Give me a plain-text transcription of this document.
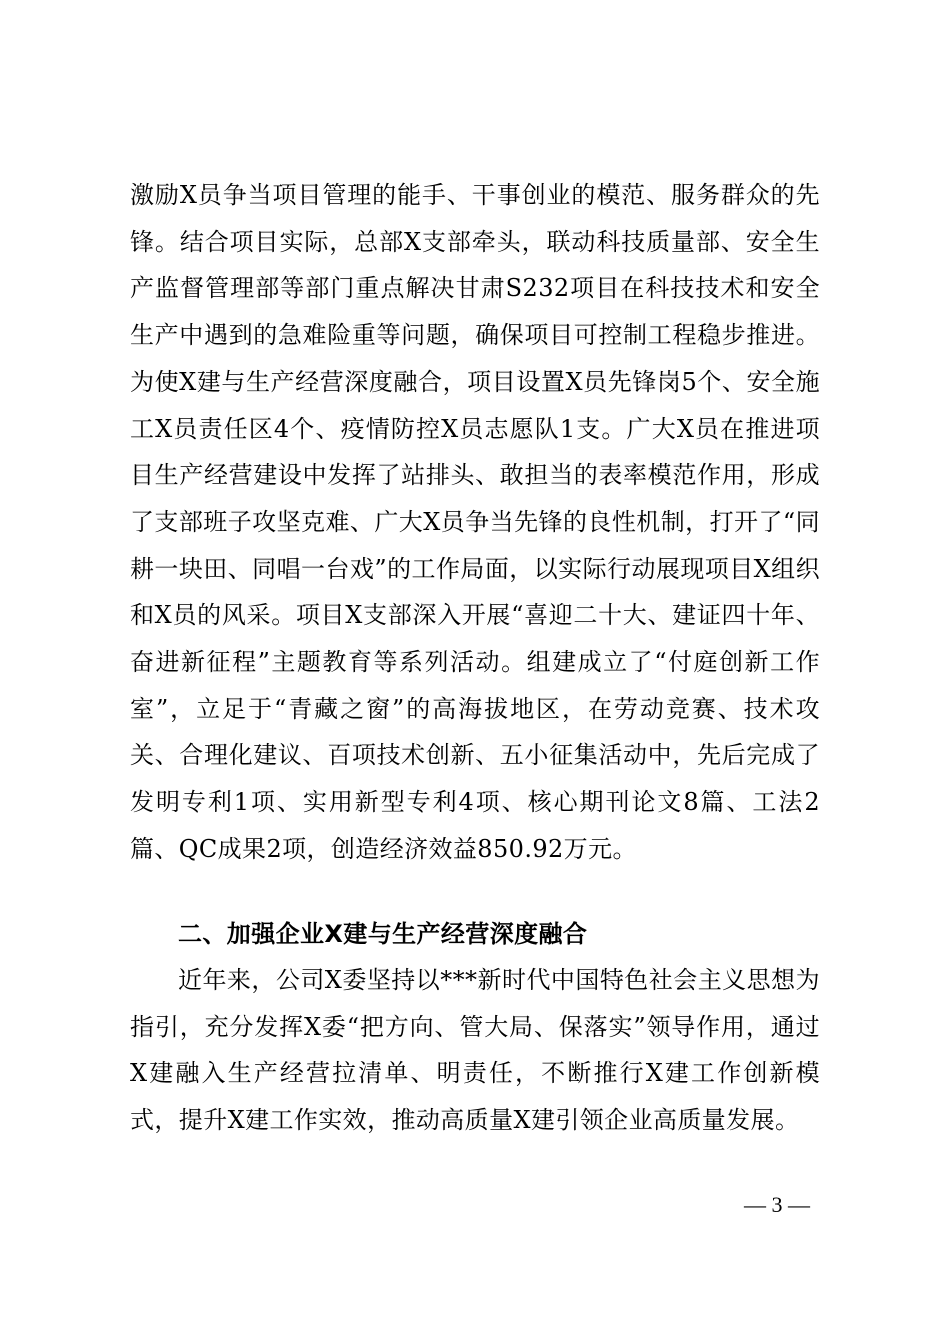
激励X员争当项目管理的能手、干事创业的模范、服务群众的先锋。结合项目实际，总部X支部牵头，联动科技质量部、安全生产监督管理部等部门重点解决甘肃S232项目在科技技术和安全生产中遇到的急难险重等问题，确保项目可控制工程稳步推进。为使X建与生产经营深度融合，项目设置X员先锋岗5个、安全施工X员责任区4个、疫情防控X员志愿队1支。广大X员在推进项目生产经营建设中发挥了站排头、敢担当的表率模范作用，形成了支部班子攻坚克难、广大X员争当先锋的良性机制，打开了“同耕一块田、同唱一台戏”的工作局面，以实际行动展现项目X组织和X员的风采。项目X支部深入开展“喜迎二十大、建证四十年、奋进新征程”主题教育等系列活动。组建成立了“付庭创新工作室”，立足于“青藏之窗”的高海拔地区，在劳动竞赛、技术攻关、合理化建议、百项技术创新、五小征集活动中，先后完成了发明专利1项、实用新型专利4项、核心期刊论文8篇、工法2篇、QC成果2项，创造经济效益850.92万元。

二、加强企业X建与生产经营深度融合

近年来，公司X委坚持以***新时代中国特色社会主义思想为指引，充分发挥X委“把方向、管大局、保落实”领导作用，通过X建融入生产经营拉清单、明责任，不断推行X建工作创新模式，提升X建工作实效，推动高质量X建引领企业高质量发展。

— 3 —
